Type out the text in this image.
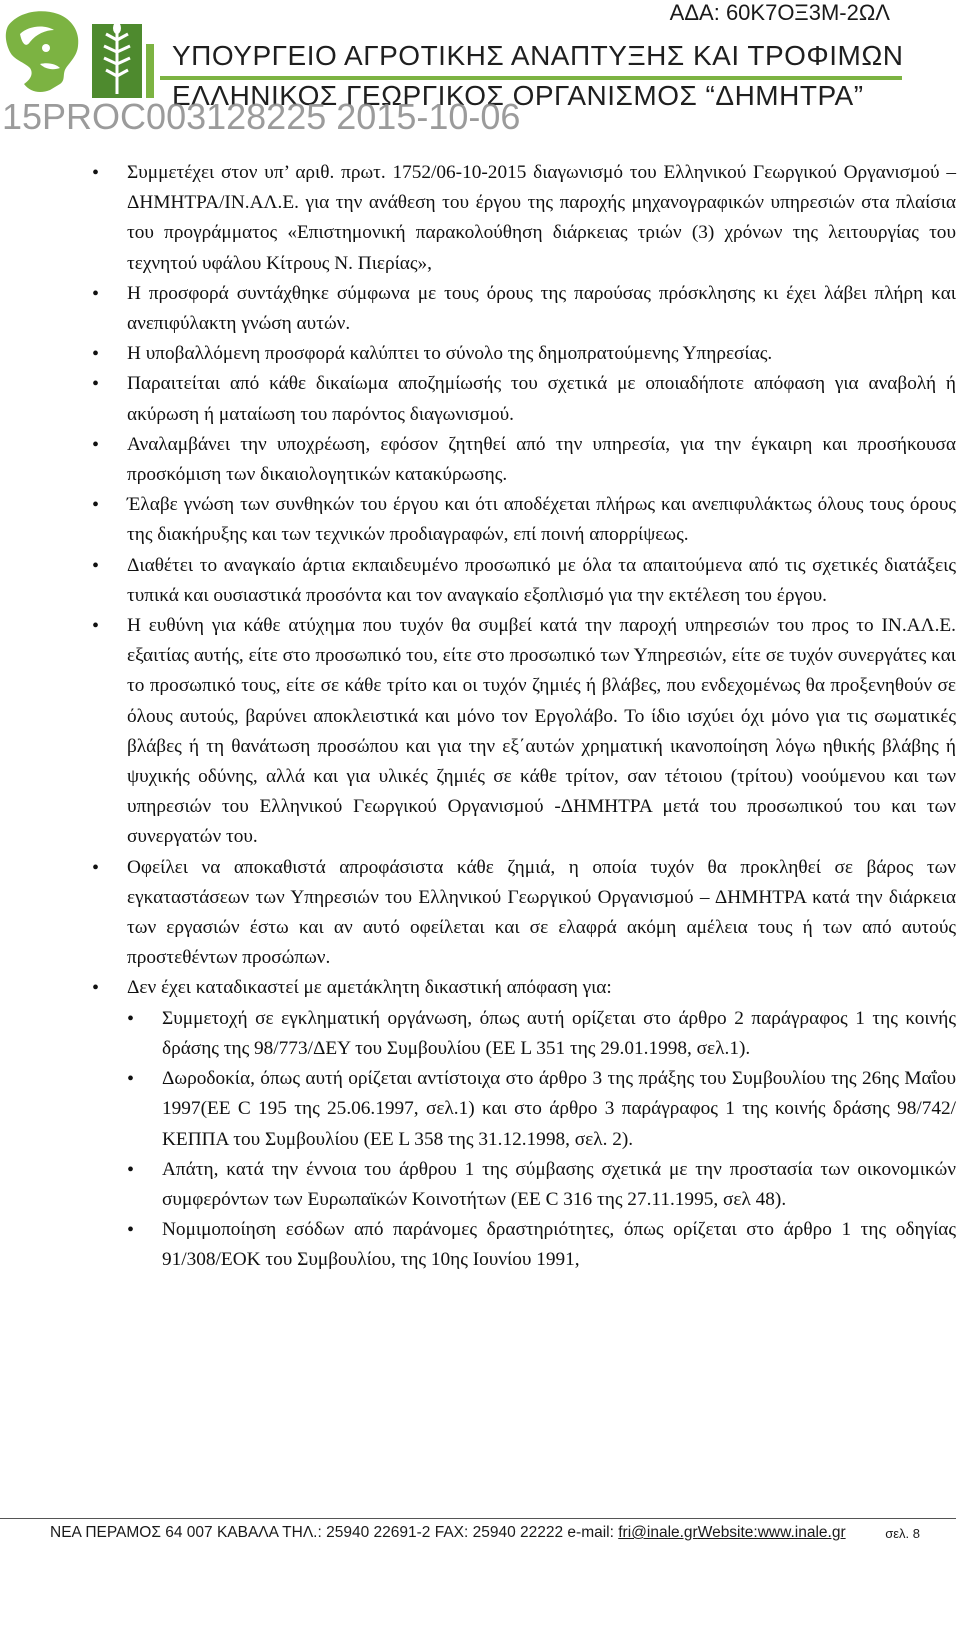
ΑΔΑ: 60Κ7ΟΞ3Μ-2ΩΛ
ΥΠΟΥΡΓΕΙΟ ΑΓΡΟΤΙΚΗΣ ΑΝΑΠΤΥΞΗΣ ΚΑΙ ΤΡΟΦΙΜΩΝ
ΕΛΛΗΝΙΚΟΣ ΓΕΩΡΓΙΚΟΣ ΟΡΓΑΝΙΣΜΟΣ “ΔΗΜΗΤΡΑ”
15PROC003128225 2015-10-06
• Συμμετέχει στον υπ’ αριθ. πρωτ. 1752/06-10-2015 διαγωνισμό του Ελληνικού Γεωργικού Οργανισμού – ΔΗΜΗΤΡΑ/ΙΝ.ΑΛ.Ε. για την ανάθεση του έργου της παροχής μηχανογραφικών υπηρεσιών στα πλαίσια του προγράμματος «Επιστημονική παρακολούθηση διάρκειας τριών (3) χρόνων της λειτουργίας του τεχνητού υφάλου Κίτρους Ν. Πιερίας»,
• Η προσφορά συντάχθηκε σύμφωνα με τους όρους της παρούσας πρόσκλησης κι έχει λάβει πλήρη και ανεπιφύλακτη γνώση αυτών.
• Η υποβαλλόμενη προσφορά καλύπτει το σύνολο της δημοπρατούμενης Υπηρεσίας.
• Παραιτείται από κάθε δικαίωμα αποζημίωσής του σχετικά με οποιαδήποτε απόφαση για αναβολή ή ακύρωση ή ματαίωση του παρόντος διαγωνισμού.
• Αναλαμβάνει την υποχρέωση, εφόσον ζητηθεί από την υπηρεσία, για την έγκαιρη και προσήκουσα προσκόμιση των δικαιολογητικών κατακύρωσης.
• Έλαβε γνώση των συνθηκών του έργου και ότι αποδέχεται πλήρως και ανεπιφυλάκτως όλους τους όρους της διακήρυξης και των τεχνικών προδιαγραφών, επί ποινή απορρίψεως.
• Διαθέτει το αναγκαίο άρτια εκπαιδευμένο προσωπικό με όλα τα απαιτούμενα από τις σχετικές διατάξεις τυπικά και ουσιαστικά προσόντα και τον αναγκαίο εξοπλισμό για την εκτέλεση του έργου.
• Η ευθύνη για κάθε ατύχημα που τυχόν θα συμβεί κατά την παροχή υπηρεσιών του προς το ΙΝ.ΑΛ.Ε. εξαιτίας αυτής, είτε στο προσωπικό του, είτε στο προσωπικό των Υπηρεσιών, είτε σε τυχόν συνεργάτες και το προσωπικό τους, είτε σε κάθε τρίτο και οι τυχόν ζημιές ή βλάβες, που ενδεχομένως θα προξενηθούν σε όλους αυτούς, βαρύνει αποκλειστικά και μόνο τον Εργολάβο. Το ίδιο ισχύει όχι μόνο για τις σωματικές βλάβες ή τη θανάτωση προσώπου και για την εξ΄αυτών χρηματική ικανοποίηση λόγω ηθικής βλάβης ή ψυχικής οδύνης, αλλά και για υλικές ζημιές σε κάθε τρίτον, σαν τέτοιου (τρίτου) νοούμενου και των υπηρεσιών του Ελληνικού Γεωργικού Οργανισμού -ΔΗΜΗΤΡΑ μετά του προσωπικού του και των συνεργατών του.
• Οφείλει να αποκαθιστά απροφάσιστα κάθε ζημιά, η οποία τυχόν θα προκληθεί σε βάρος των εγκαταστάσεων των Υπηρεσιών του Ελληνικού Γεωργικού Οργανισμού – ΔΗΜΗΤΡΑ κατά την διάρκεια των εργασιών έστω και αν αυτό οφείλεται και σε ελαφρά ακόμη αμέλεια τους ή των από αυτούς προστεθέντων προσώπων.
• Δεν έχει καταδικαστεί με αμετάκλητη δικαστική απόφαση για:
• Συμμετοχή σε εγκληματική οργάνωση, όπως αυτή ορίζεται στο άρθρο 2 παράγραφος 1 της κοινής δράσης της 98/773/ΔΕΥ του Συμβουλίου (ΕΕ L 351 της 29.01.1998, σελ.1).
• Δωροδοκία, όπως αυτή ορίζεται αντίστοιχα στο άρθρο 3 της πράξης του Συμβουλίου της 26ης Μαΐου 1997(ΕΕ C 195 της 25.06.1997, σελ.1) και στο άρθρο 3 παράγραφος 1 της κοινής δράσης 98/742/ΚΕΠΠΑ του Συμβουλίου (ΕΕ L 358 της 31.12.1998, σελ. 2).
• Απάτη, κατά την έννοια του άρθρου 1 της σύμβασης σχετικά με την προστασία των οικονομικών συμφερόντων των Ευρωπαϊκών Κοινοτήτων (ΕΕ C 316 της 27.11.1995, σελ 48).
• Νομιμοποίηση εσόδων από παράνομες δραστηριότητες, όπως ορίζεται στο άρθρο 1 της οδηγίας 91/308/ΕΟΚ του Συμβουλίου, της 10ης Ιουνίου 1991,
ΝΕΑ ΠΕΡΑΜΟΣ 64 007 ΚΑΒΑΛΑ ΤΗΛ.: 25940 22691-2 FAX: 25940 22222 e-mail: fri@inale.grWebsite:www.inale.gr	σελ. 8
